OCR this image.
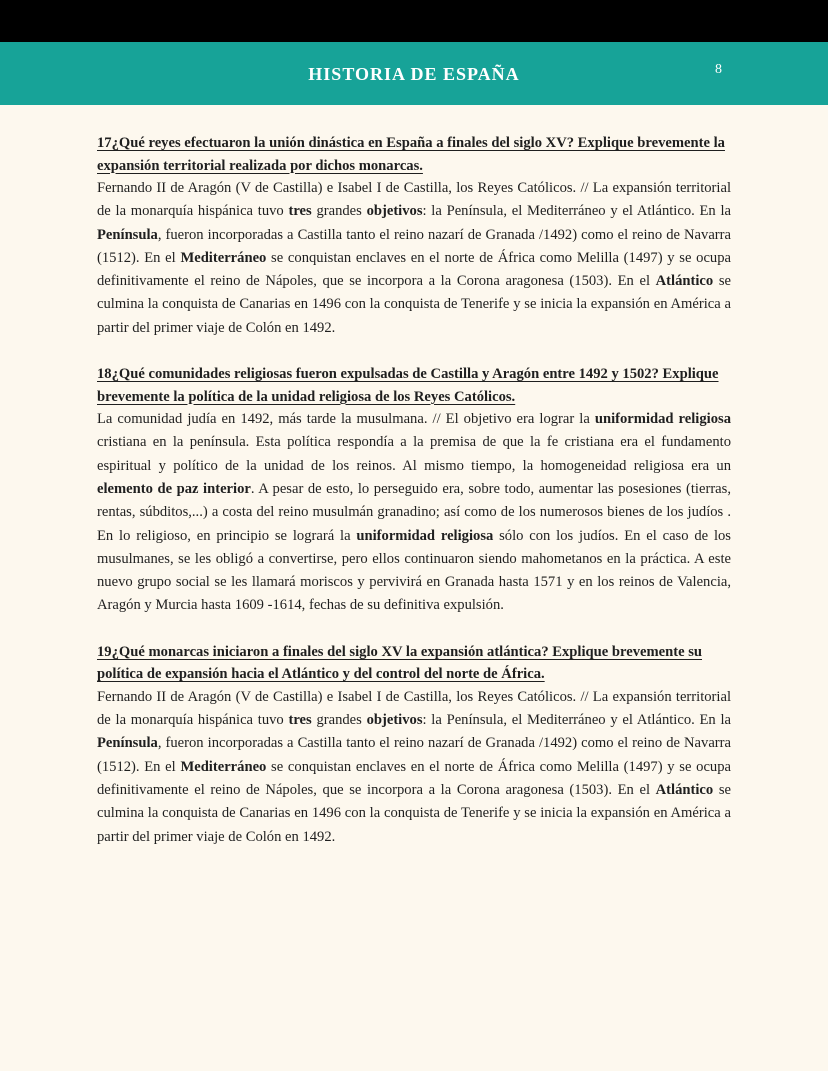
HISTORIA DE ESPAÑA	8

17¿Qué reyes efectuaron la unión dinástica en España a finales del siglo XV? Explique brevemente la expansión territorial realizada por dichos monarcas.

Fernando II de Aragón (V de Castilla) e Isabel I de Castilla, los Reyes Católicos. // La expansión territorial de la monarquía hispánica tuvo tres grandes objetivos: la Península, el Mediterráneo y el Atlántico. En la Península, fueron incorporadas a Castilla tanto el reino nazarí de Granada /1492) como el reino de Navarra (1512). En el Mediterráneo se conquistan enclaves en el norte de África como Melilla (1497) y se ocupa definitivamente el reino de Nápoles, que se incorpora a la Corona aragonesa (1503). En el Atlántico se culmina la conquista de Canarias en 1496 con la conquista de Tenerife y se inicia la expansión en América a partir del primer viaje de Colón en 1492.

18¿Qué comunidades religiosas fueron expulsadas de Castilla y Aragón entre 1492 y 1502? Explique brevemente la política de la unidad religiosa de los Reyes Católicos.

La comunidad judía en 1492, más tarde la musulmana. // El objetivo era lograr la uniformidad religiosa cristiana en la península. Esta política respondía a la premisa de que la fe cristiana era el fundamento espiritual y político de la unidad de los reinos. Al mismo tiempo, la homogeneidad religiosa era un elemento de paz interior. A pesar de esto, lo perseguido era, sobre todo, aumentar las posesiones (tierras, rentas, súbditos,...) a costa del reino musulmán granadino; así como de los numerosos bienes de los judíos . En lo religioso, en principio se logrará la uniformidad religiosa sólo con los judíos. En el caso de los musulmanes, se les obligó a convertirse, pero ellos continuaron siendo mahometanos en la práctica. A este nuevo grupo social se les llamará moriscos y pervivirá en Granada hasta 1571 y en los reinos de Valencia, Aragón y Murcia hasta 1609 -1614, fechas de su definitiva expulsión.

19¿Qué monarcas iniciaron a finales del siglo XV la expansión atlántica? Explique brevemente su política de expansión hacia el Atlántico y del control del norte de África.

Fernando II de Aragón (V de Castilla) e Isabel I de Castilla, los Reyes Católicos. // La expansión territorial de la monarquía hispánica tuvo tres grandes objetivos: la Península, el Mediterráneo y el Atlántico. En la Península, fueron incorporadas a Castilla tanto el reino nazarí de Granada /1492) como el reino de Navarra (1512). En el Mediterráneo se conquistan enclaves en el norte de África como Melilla (1497) y se ocupa definitivamente el reino de Nápoles, que se incorpora a la Corona aragonesa (1503). En el Atlántico se culmina la conquista de Canarias en 1496 con la conquista de Tenerife y se inicia la expansión en América a partir del primer viaje de Colón en 1492.
